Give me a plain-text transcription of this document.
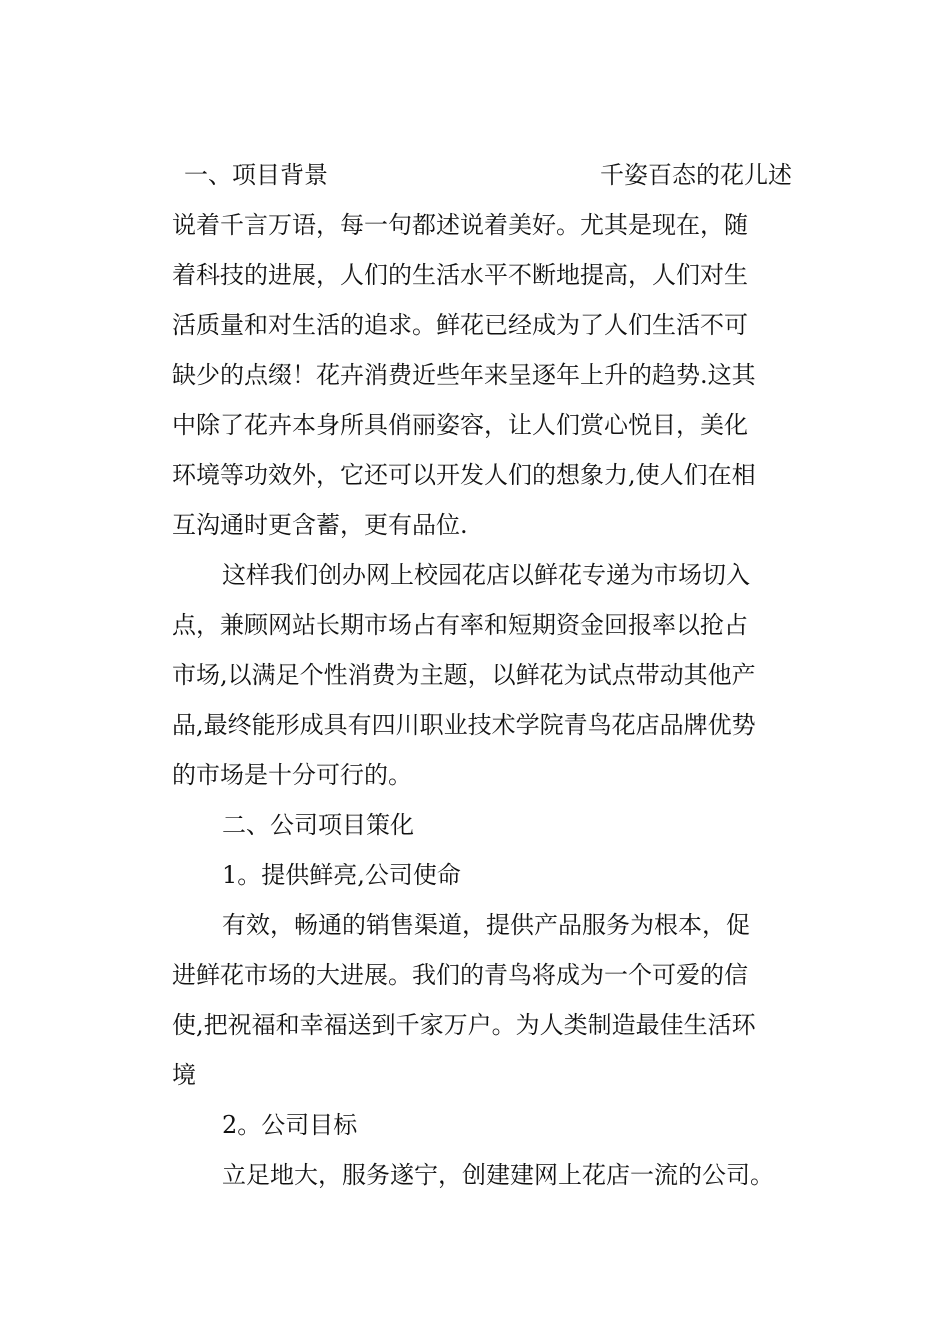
一、项目背景	千姿百态的花儿述
说着千言万语，每一句都述说着美好。尤其是现在，随
着科技的进展，人们的生活水平不断地提高，人们对生
活质量和对生活的追求。鲜花已经成为了人们生活不可
缺少的点缀！花卉消费近些年来呈逐年上升的趋势.这其
中除了花卉本身所具俏丽姿容，让人们赏心悦目，美化
环境等功效外，它还可以开发人们的想象力,使人们在相
互沟通时更含蓄，更有品位.
这样我们创办网上校园花店以鲜花专递为市场切入
点，兼顾网站长期市场占有率和短期资金回报率以抢占
市场,以满足个性消费为主题，以鲜花为试点带动其他产
品,最终能形成具有四川职业技术学院青鸟花店品牌优势
的市场是十分可行的。
二、公司项目策化
1。提供鲜亮,公司使命
有效，畅通的销售渠道，提供产品服务为根本，促
进鲜花市场的大进展。我们的青鸟将成为一个可爱的信
使,把祝福和幸福送到千家万户。为人类制造最佳生活环
境
2。公司目标
立足地大，服务遂宁，创建建网上花店一流的公司。
